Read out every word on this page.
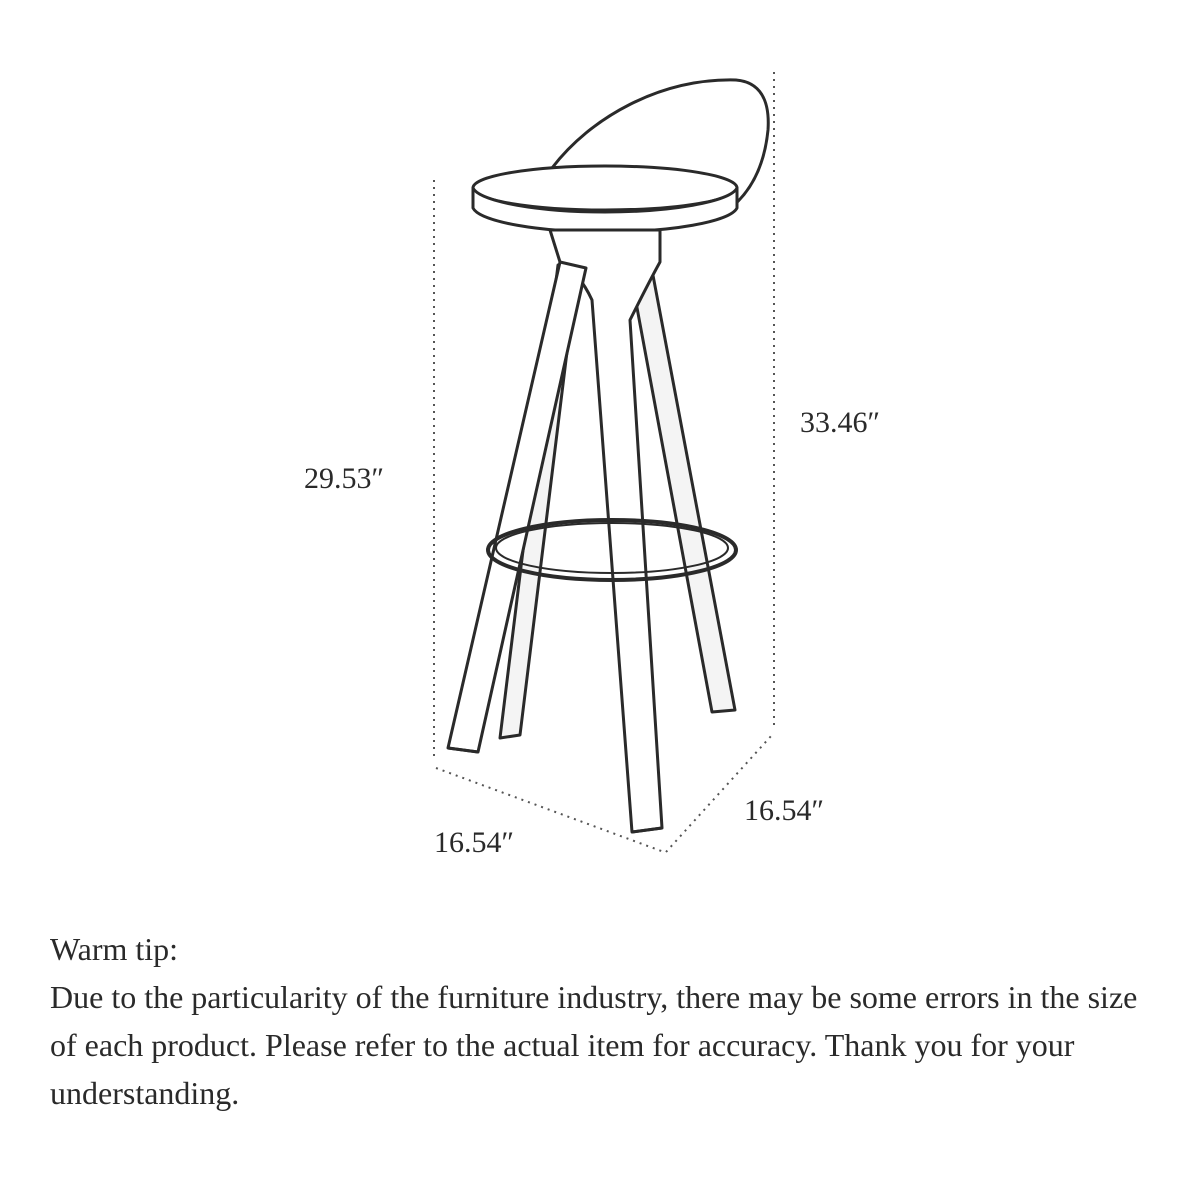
29.53″
33.46″
16.54″
16.54″

Warm tip:

Due to the particularity of the furniture industry, there may be some errors in the size of each product. Please refer to the actual item for accuracy. Thank you for your understanding.
